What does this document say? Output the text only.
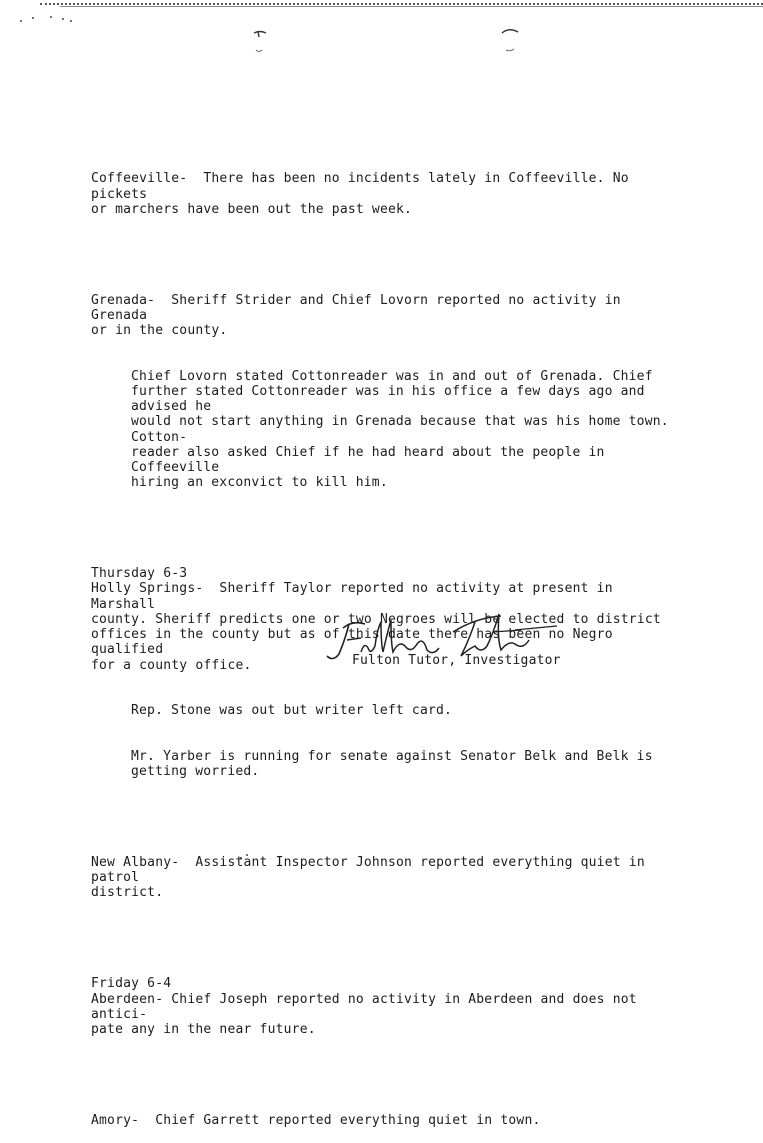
Coffeeville-  There has been no incidents lately in Coffeeville. No pickets
or marchers have been out the past week.

Grenada-  Sheriff Strider and Chief Lovorn reported no activity in Grenada
or in the county.

Chief Lovorn stated Cottonreader was in and out of Grenada. Chief
further stated Cottonreader was in his office a few days ago and advised he
would not start anything in Grenada because that was his home town. Cotton-
reader also asked Chief if he had heard about the people in Coffeeville
hiring an exconvict to kill him.

Thursday 6-3
Holly Springs-  Sheriff Taylor reported no activity at present in Marshall
county. Sheriff predicts one or two Negroes will be elected to district
offices in the county but as of this date there has been no Negro qualified
for a county office.

Rep. Stone was out but writer left card.

Mr. Yarber is running for senate against Senator Belk and Belk is
getting worried.

New Albany-  Assistant Inspector Johnson reported everything quiet in patrol
district.

Friday 6-4
Aberdeen- Chief Joseph reported no activity in Aberdeen and does not antici-
pate any in the near future.

Amory-  Chief Garrett reported everything quiet in town.

Fulton Tutor, Investigator
